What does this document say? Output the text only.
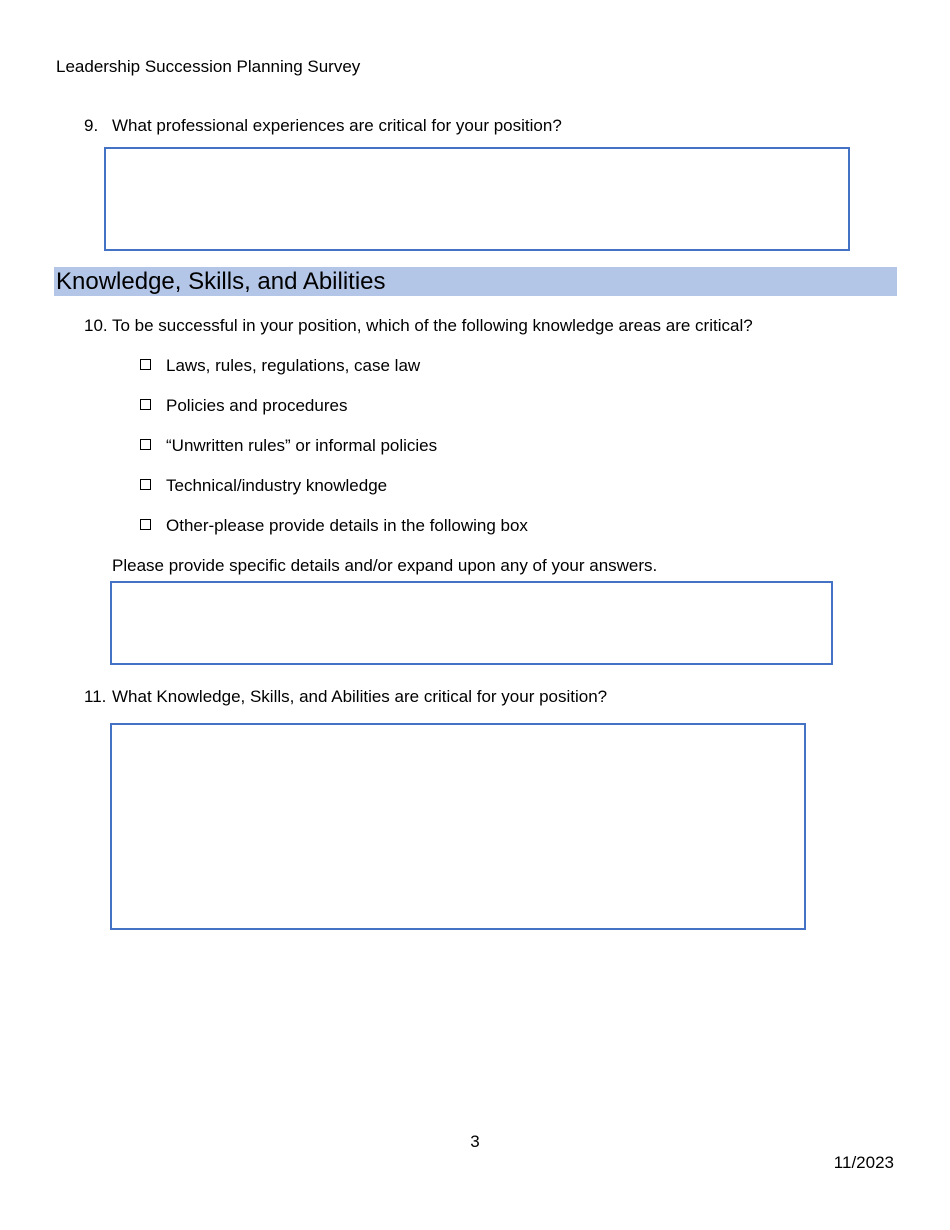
Leadership Succession Planning Survey
9. What professional experiences are critical for your position?
Knowledge, Skills, and Abilities
10. To be successful in your position, which of the following knowledge areas are critical?
Laws, rules, regulations, case law
Policies and procedures
“Unwritten rules” or informal policies
Technical/industry knowledge
Other-please provide details in the following box
Please provide specific details and/or expand upon any of your answers.
11. What Knowledge, Skills, and Abilities are critical for your position?
3
11/2023
